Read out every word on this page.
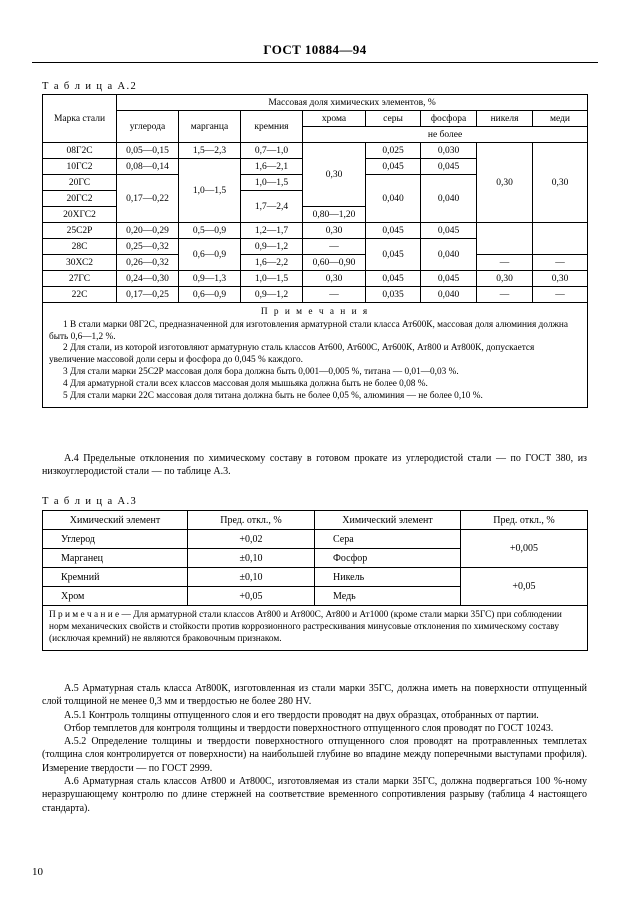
ГОСТ 10884—94
Т а б л и ц а А.2
Марка стали	Массовая доля химических элементов, %							
	углерода	марганца	кремния	хрома	серы	фосфора	никеля	меди
				не более				
08Г2С	0,05—0,15	1,5—2,3	0,7—1,0	0,30	0,025	0,030	0,30	0,30
10ГС2	0,08—0,14	1,0—1,5	1,6—2,1		0,045	0,045		
20ГС	0,17—0,22		1,0—1,5		0,040	0,040		
20ГС2			1,7—2,4					
20ХГС2				0,80—1,20				
25С2Р	0,20—0,29	0,5—0,9	1,2—1,7	0,30	0,045	0,045		
28С	0,25—0,32	0,6—0,9	0,9—1,2	—	0,045	0,040		
30ХС2	0,26—0,32		1,6—2,2	0,60—0,90			—	—
27ГС	0,24—0,30	0,9—1,3	1,0—1,5	0,30	0,045	0,045	0,30	0,30
22С	0,17—0,25	0,6—0,9	0,9—1,2	—	0,035	0,040	—	—

П р и м е ч а н и я
1 В стали марки 08Г2С, предназначенной для изготовления арматурной стали класса Ат600К, массовая доля алюминия должна быть 0,6—1,2 %.
2 Для стали, из которой изготовляют арматурную сталь классов Ат600, Ат600С, Ат600К, Ат800 и Ат800К, допускается увеличение массовой доли серы и фосфора до 0,045 % каждого.
3 Для стали марки 25С2Р массовая доля бора должна быть 0,001—0,005 %, титана — 0,01—0,03 %.
4 Для арматурной стали всех классов массовая доля мышьяка должна быть не более 0,08 %.
5 Для стали марки 22С массовая доля титана должна быть не более 0,05 %, алюминия — не более 0,10 %.
А.4 Предельные отклонения по химическому составу в готовом прокате из углеродистой стали — по ГОСТ 380, из низкоуглеродистой стали — по таблице А.3.
Т а б л и ц а А.3
Химический элемент	Пред. откл., %	Химический элемент	Пред. откл., %
Углерод	+0,02	Сера	+0,005
Марганец	±0,10	Фосфор	
Кремний	±0,10	Никель	+0,05
Хром	+0,05	Медь	
П р и м е ч а н и е — Для арматурной стали классов Ат800 и Ат800С, Ат800 и Ат1000 (кроме стали марки 35ГС) при соблюдении норм механических свойств и стойкости против коррозионного растрескивания минусовые отклонения по химическому составу (исключая кремний) не являются браковочным признаком.			

А.5 Арматурная сталь класса Ат800К, изготовленная из стали марки 35ГС, должна иметь на поверхности отпущенный слой толщиной не менее 0,3 мм и твердостью не более 280 HV.

А.5.1 Контроль толщины отпущенного слоя и его твердости проводят на двух образцах, отобранных от партии.

Отбор темплетов для контроля толщины и твердости поверхностного отпущенного слоя проводят по ГОСТ 10243.

А.5.2 Определение толщины и твердости поверхностного отпущенного слоя проводят на протравленных темплетах (толщина слоя контролируется от поверхности) на наибольшей глубине во впадине между поперечными выступами профиля). Измерение твердости — по ГОСТ 2999.

А.6 Арматурная сталь классов Ат800 и Ат800С, изготовляемая из стали марки 35ГС, должна подвергаться 100 %-ному неразрушающему контролю по длине стержней на соответствие временного сопротивления разрыву (таблица 4 настоящего стандарта).

10
